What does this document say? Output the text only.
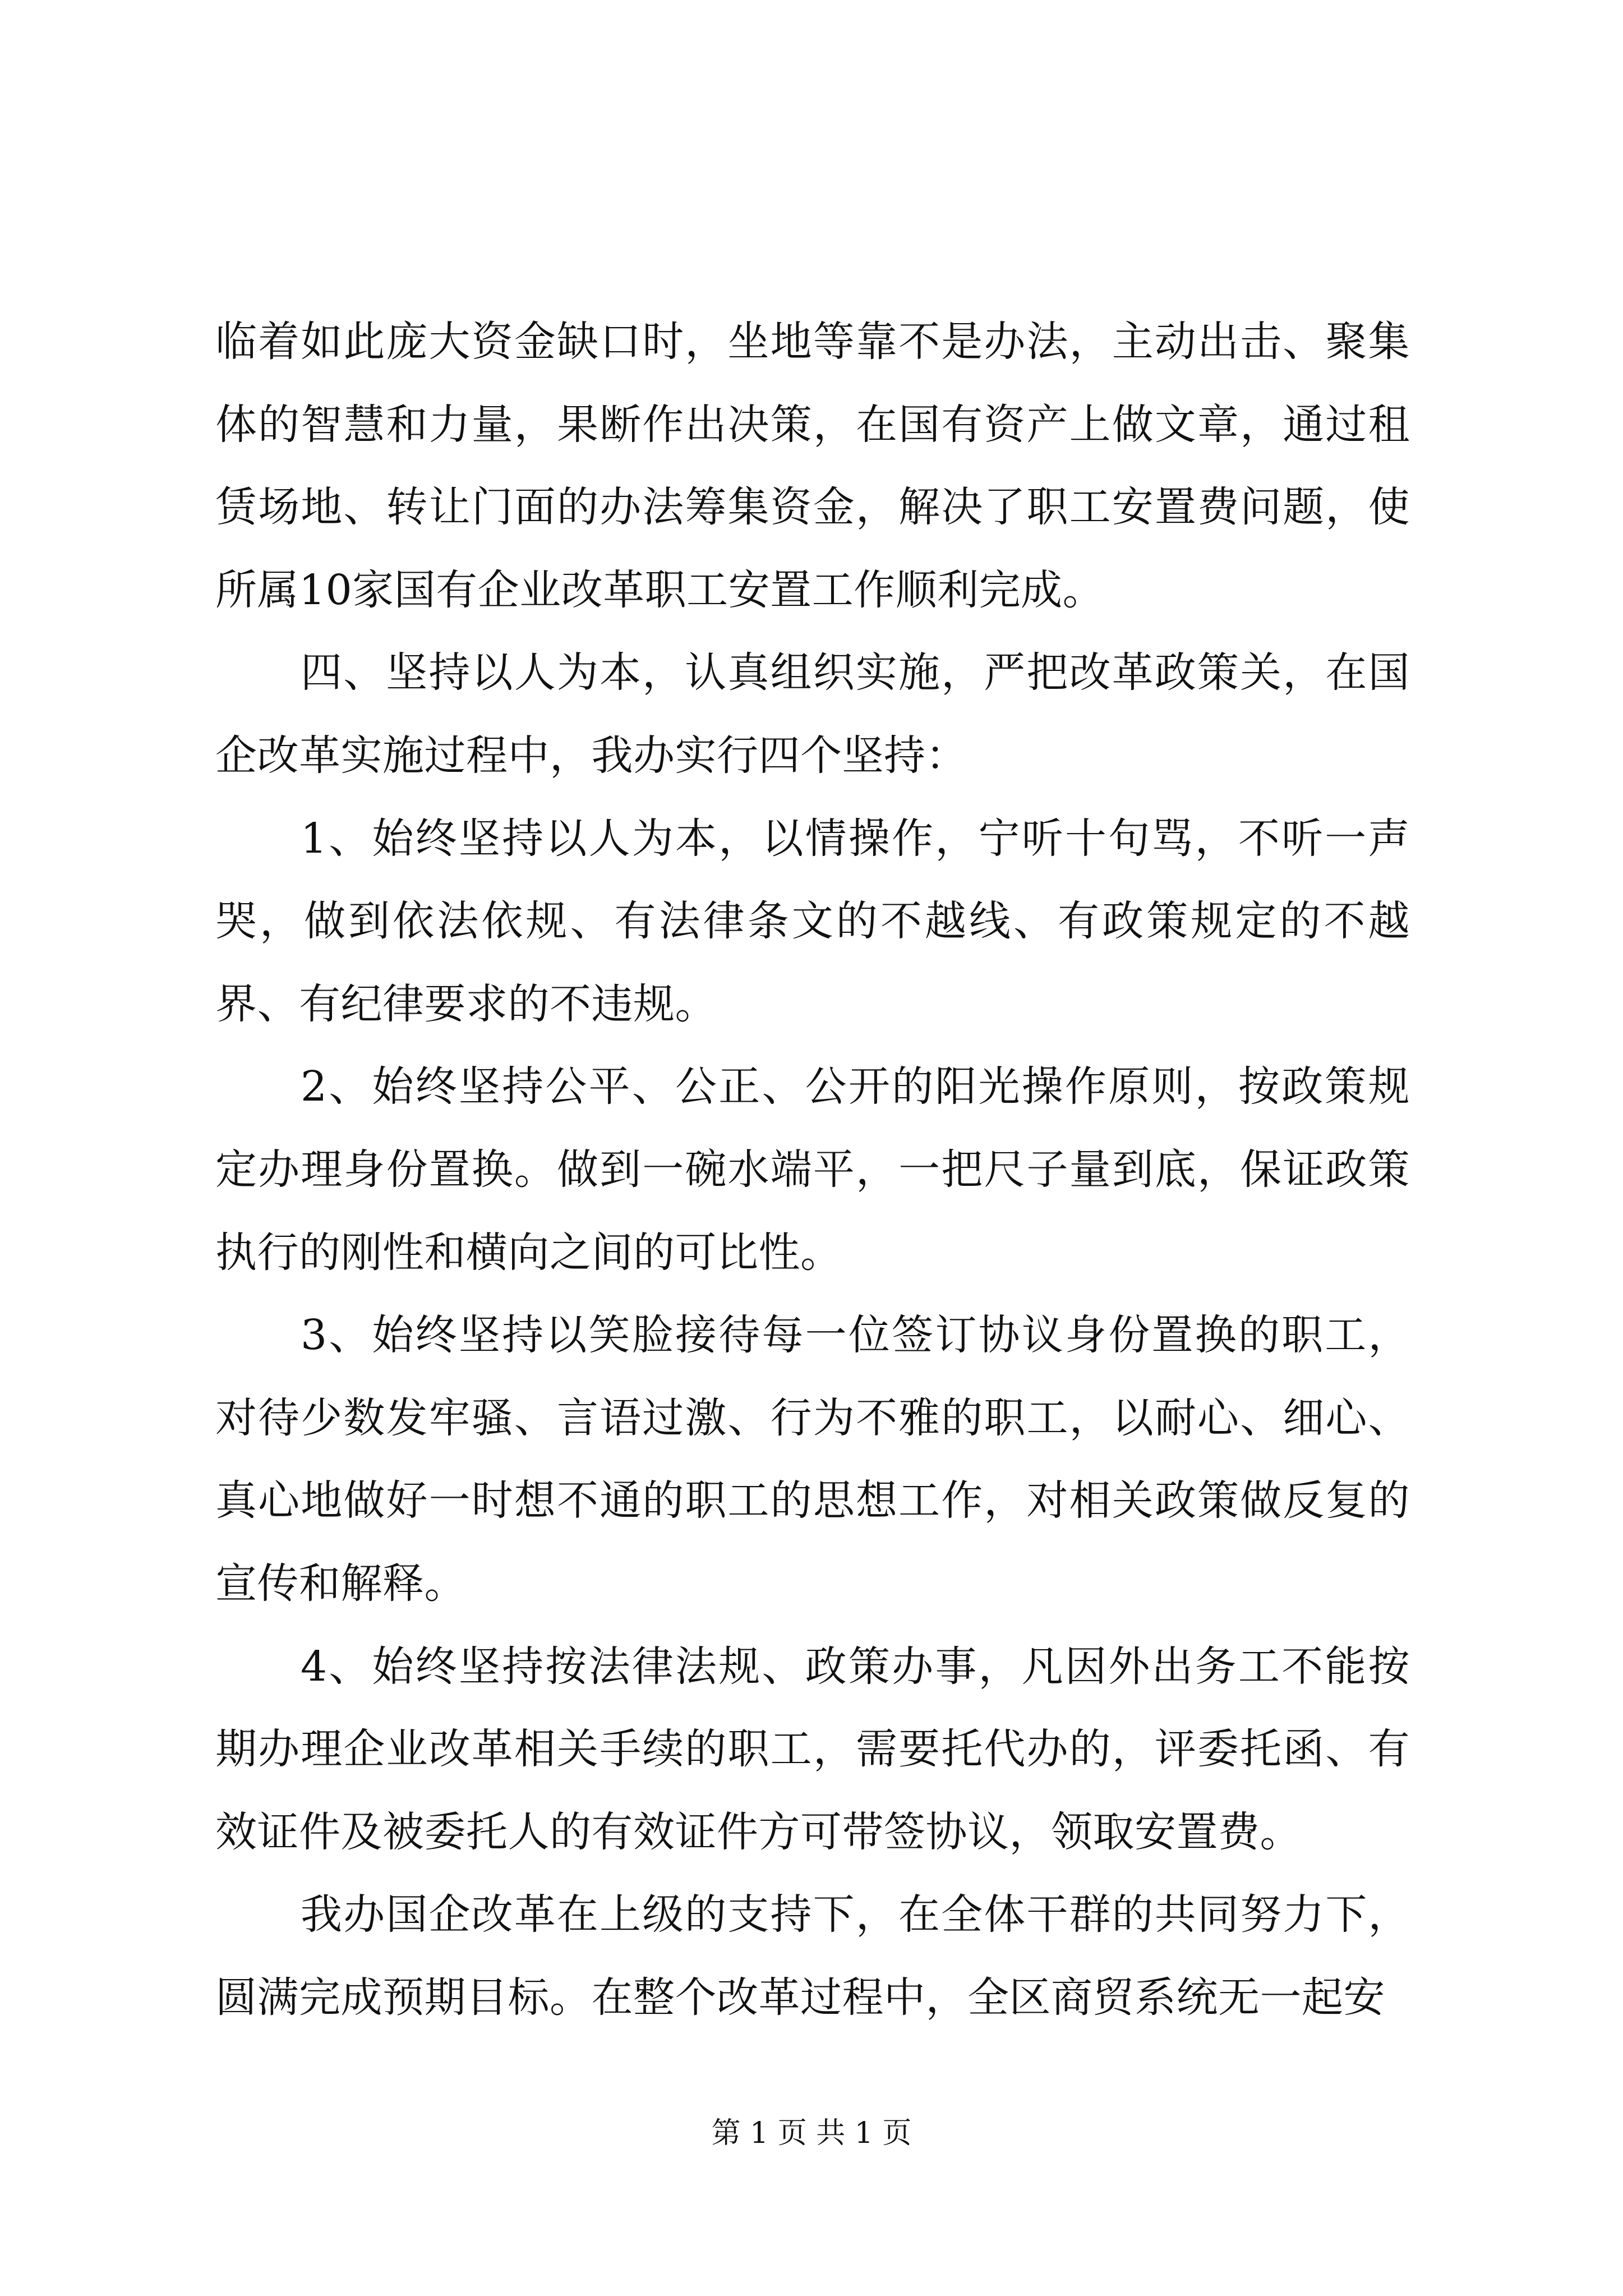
临着如此庞大资金缺口时，坐地等靠不是办法，主动出击、聚集体的智慧和力量，果断作出决策，在国有资产上做文章，通过租赁场地、转让门面的办法筹集资金，解决了职工安置费问题，使所属10家国有企业改革职工安置工作顺利完成。

四、坚持以人为本，认真组织实施，严把改革政策关，在国企改革实施过程中，我办实行四个坚持：

1、始终坚持以人为本，以情操作，宁听十句骂，不听一声哭，做到依法依规、有法律条文的不越线、有政策规定的不越界、有纪律要求的不违规。

2、始终坚持公平、公正、公开的阳光操作原则，按政策规定办理身份置换。做到一碗水端平，一把尺子量到底，保证政策执行的刚性和横向之间的可比性。

3、始终坚持以笑脸接待每一位签订协议身份置换的职工，对待少数发牢骚、言语过激、行为不雅的职工，以耐心、细心、真心地做好一时想不通的职工的思想工作，对相关政策做反复的宣传和解释。

4、始终坚持按法律法规、政策办事，凡因外出务工不能按期办理企业改革相关手续的职工，需要托代办的，评委托函、有效证件及被委托人的有效证件方可带签协议，领取安置费。

我办国企改革在上级的支持下，在全体干群的共同努力下，圆满完成预期目标。在整个改革过程中，全区商贸系统无一起安

第 1 页 共 1 页
